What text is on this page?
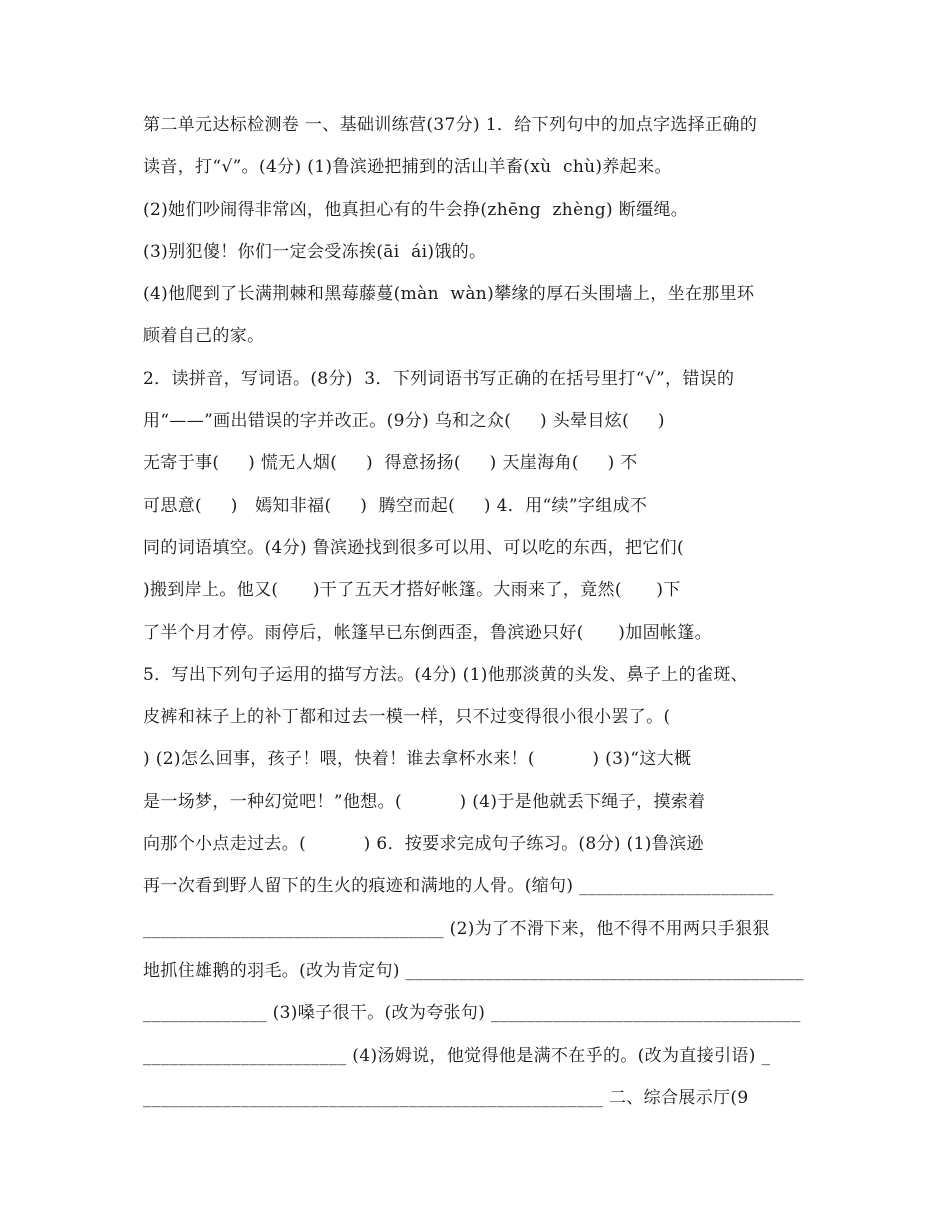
第二单元达标检测卷 一、基础训练营(37分) 1．给下列句中的加点字选择正确的
读音，打“√”。(4分) (1)鲁滨逊把捕到的活山羊畜(xù  chù)养起来。
(2)她们吵闹得非常凶，他真担心有的牛会挣(zhēng  zhèng) 断缰绳。
(3)别犯傻！你们一定会受冻挨(āi  ái)饿的。
(4)他爬到了长满荆棘和黑莓藤蔓(màn  wàn)攀缘的厚石头围墙上，坐在那里环
顾着自己的家。
2．读拼音，写词语。(8分)  3．下列词语书写正确的在括号里打“√”，错误的
用“——”画出错误的字并改正。(9分) 乌和之众(     ) 头晕目炫(     )
无寄于事(     ) 慌无人烟(     )  得意扬扬(     ) 天崖海角(     ) 不
可思意(     )   嫣知非福(     )  腾空而起(     ) 4．用“续”字组成不
同的词语填空。(4分) 鲁滨逊找到很多可以用、可以吃的东西，把它们(
)搬到岸上。他又(      )干了五天才搭好帐篷。大雨来了，竟然(      )下
了半个月才停。雨停后，帐篷早已东倒西歪，鲁滨逊只好(      )加固帐篷。
5．写出下列句子运用的描写方法。(4分) (1)他那淡黄的头发、鼻子上的雀斑、
皮裤和袜子上的补丁都和过去一模一样，只不过变得很小很小罢了。(
) (2)怎么回事，孩子！喂，快着！谁去拿杯水来！(          ) (3)“这大概
是一场梦，一种幻觉吧！”他想。(          ) (4)于是他就丢下绳子，摸索着
向那个小点走过去。(          ) 6．按要求完成句子练习。(8分) (1)鲁滨逊
再一次看到野人留下的生火的痕迹和满地的人骨。(缩句) ______________________
__________________________________ (2)为了不滑下来，他不得不用两只手狠狠
地抓住雄鹅的羽毛。(改为肯定句) _____________________________________________
______________ (3)嗓子很干。(改为夸张句) ___________________________________
_______________________ (4)汤姆说，他觉得他是满不在乎的。(改为直接引语) _
____________________________________________________ 二、综合展示厅(9
